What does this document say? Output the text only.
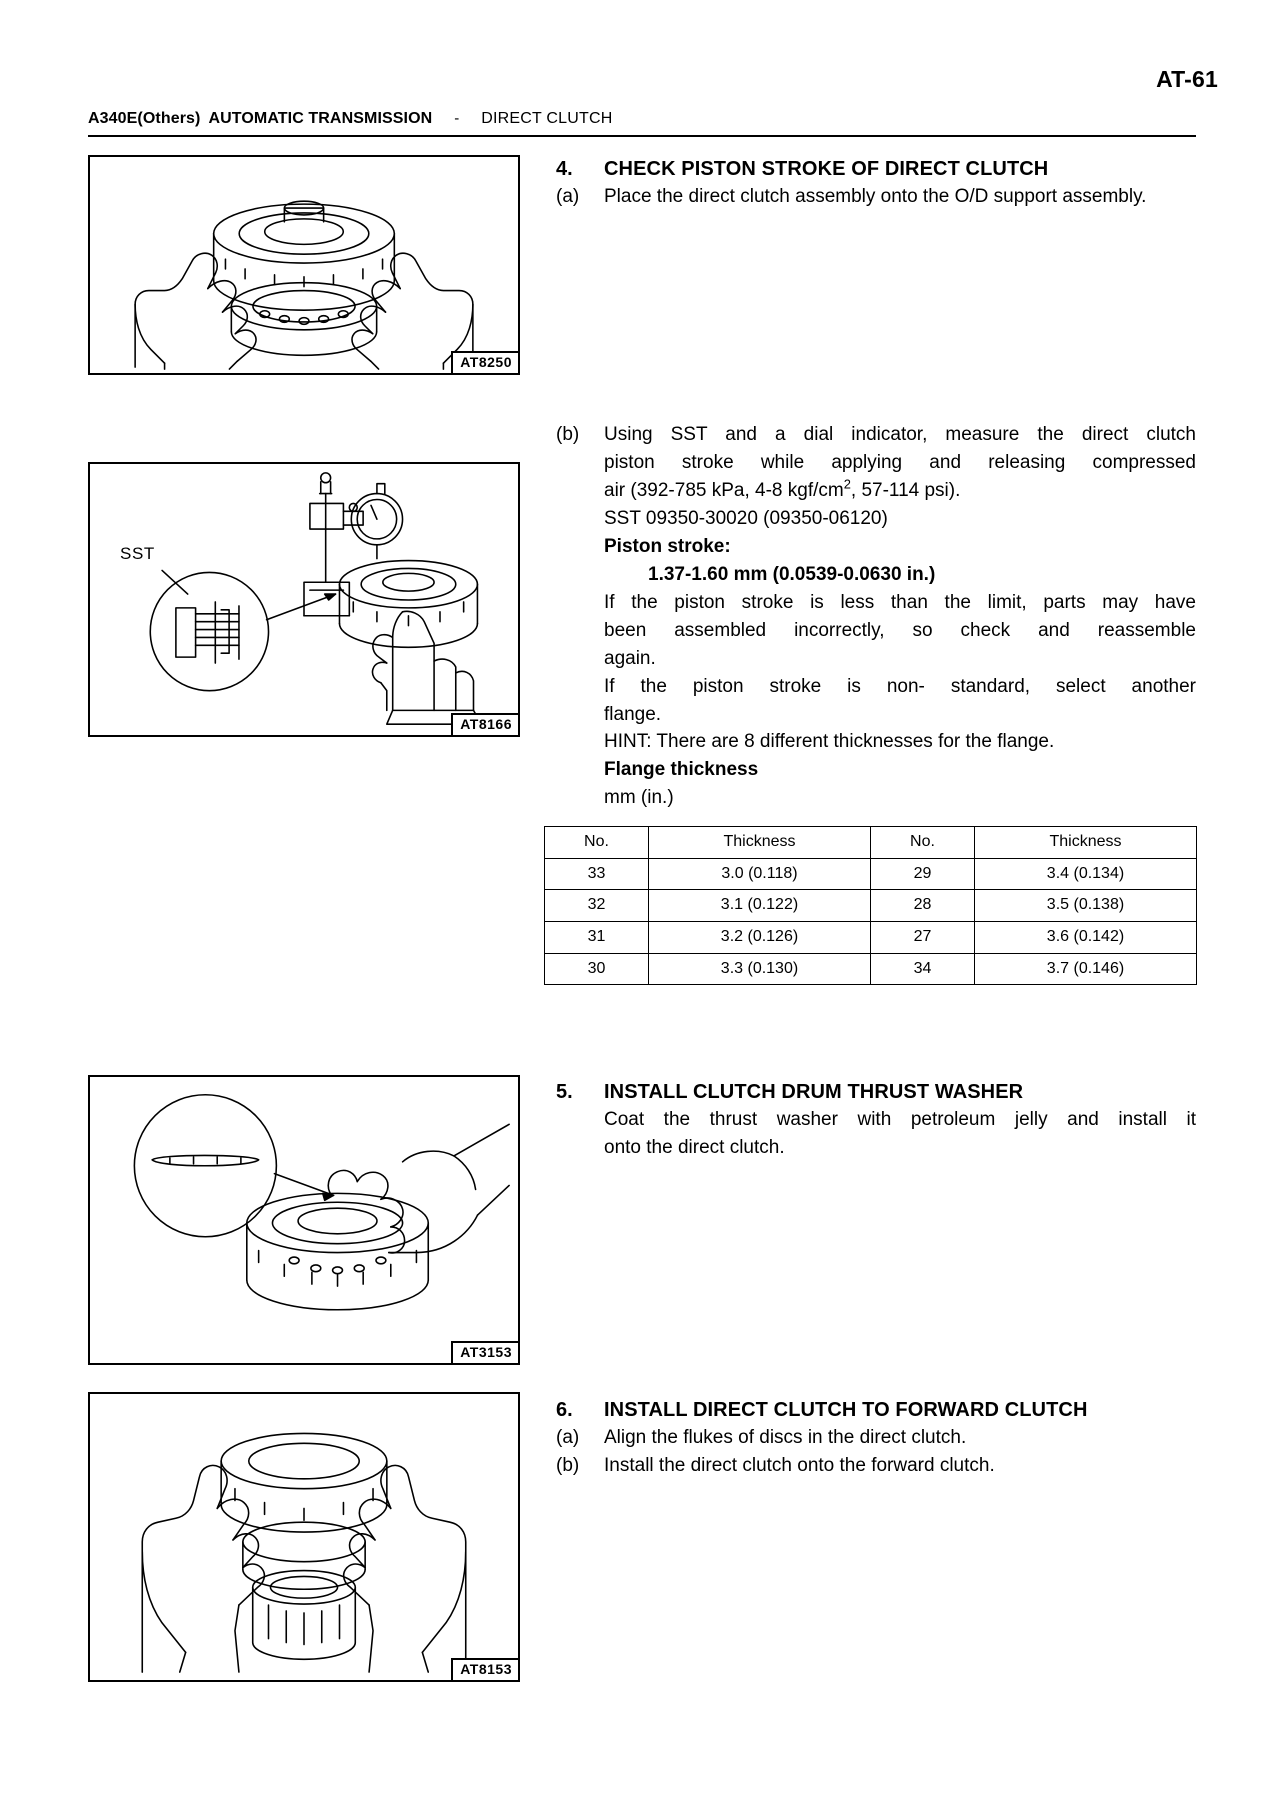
AT-61
A340E(Others) AUTOMATIC TRANSMISSION - DIRECT CLUTCH
AT8250
SST
AT8166
AT3153
AT8153
4.	CHECK PISTON STROKE OF DIRECT CLUTCH
(a)	Place the direct clutch assembly onto the O/D support assembly.
(b)	Using SST and a dial indicator, measure the direct clutch
piston stroke while applying and releasing compressed
air (392-785 kPa, 4-8 kgf/$cm^2$, 57-114 psi).
SST 09350-30020 (09350-06120)
Piston stroke:
1.37-1.60 mm (0.0539-0.0630 in.)
If the piston stroke is less than the limit, parts may have
been assembled incorrectly, so check and reassemble
again.
If the piston stroke is non- standard, select another
flange.
HINT: There are 8 different thicknesses for the flange.
Flange thickness
mm (in.)
No.	Thickness	No.	Thickness
33	3.0 (0.118)	29	3.4 (0.134)
32	3.1 (0.122)	28	3.5 (0.138)
31	3.2 (0.126)	27	3.6 (0.142)
30	3.3 (0.130)	34	3.7 (0.146)
5.	INSTALL CLUTCH DRUM THRUST WASHER
Coat the thrust washer with petroleum jelly and install it
onto the direct clutch.
6.	INSTALL DIRECT CLUTCH TO FORWARD CLUTCH
(a)	Align the flukes of discs in the direct clutch.
(b)	Install the direct clutch onto the forward clutch.
